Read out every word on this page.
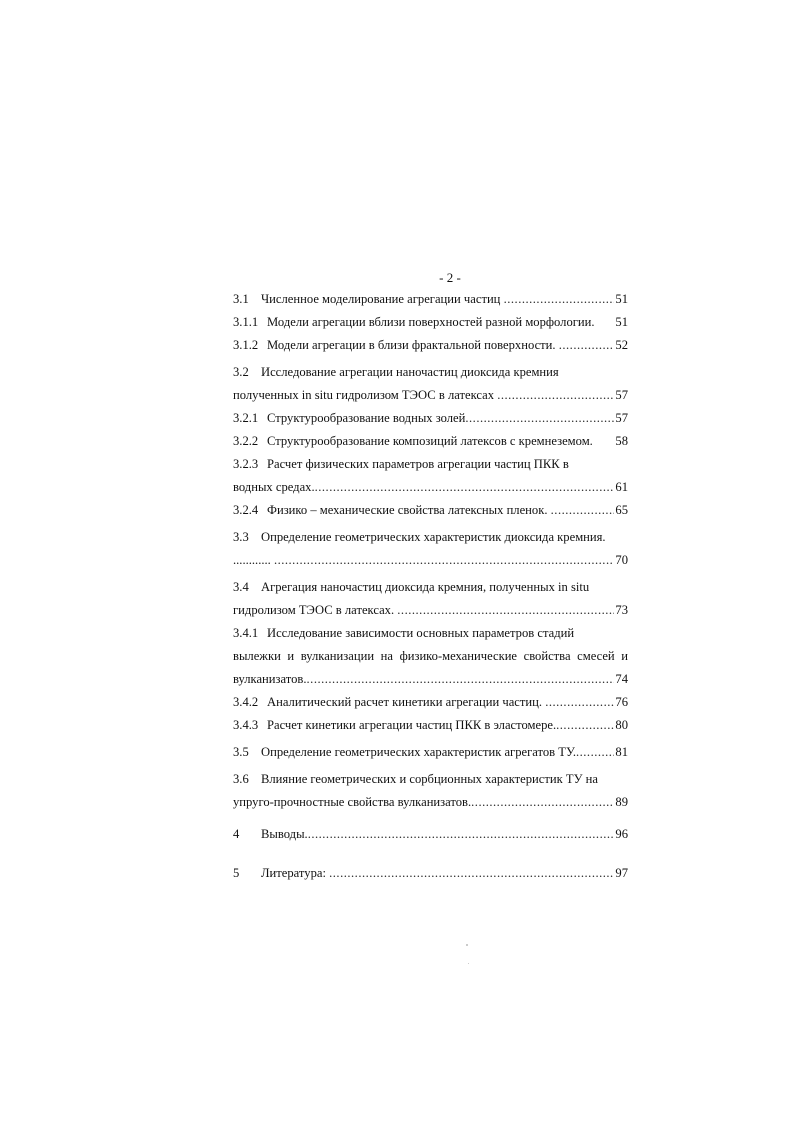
- 2 -
3.1 Численное моделирование агрегации частиц .....	51
3.1.1 Модели агрегации вблизи поверхностей разной морфологии. 51
3.1.2 Модели агрегации в близи фрактальной поверхности. .....	52
3.2 Исследование агрегации наночастиц диоксида кремния
полученных in situ гидролизом ТЭОС в латексах .....	57
3.2.1 Структурообразование водных золей .....	57
3.2.2 Структурообразование композиций латексов с кремнеземом. 58
3.2.3 Расчет физических параметров агрегации частиц ПКК в
водных средах. .....	61
3.2.4 Физико – механические свойства латексных пленок. .....	65
3.3 Определение геометрических характеристик диоксида кремния.
............ .....	70
3.4 Агрегация наночастиц диоксида кремния, полученных in situ
гидролизом ТЭОС в латексах. .....	73
3.4.1 Исследование зависимости основных параметров стадий
вылежки и вулканизации на физико-механические свойства смесей и
вулканизатов. .....	74
3.4.2 Аналитический расчет кинетики агрегации частиц. .....	76
3.4.3 Расчет кинетики агрегации частиц ПКК в эластомере. .....	80
3.5 Определение геометрических характеристик агрегатов ТУ. .....	81
3.6 Влияние геометрических и сорбционных характеристик ТУ на
упруго-прочностные свойства вулканизатов. .....	89
4 Выводы. .....	96
5 Литература: .....	97
